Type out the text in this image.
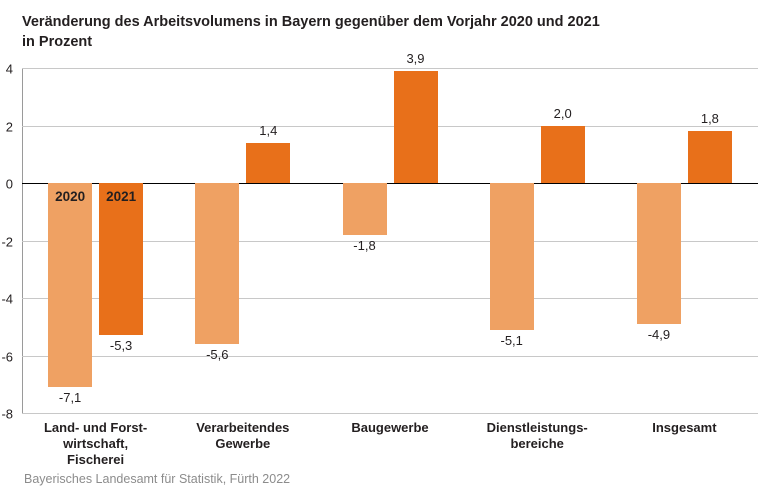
Veränderung des Arbeitsvolumens in Bayern gegenüber dem Vorjahr 2020 und 2021
in Prozent
4
2
0
-2
-4
-6
-8
-7,1
-5,3
-5,6
1,4
-1,8
3,9
-5,1
2,0
-4,9
1,8
2020	2021
Land- und Forst-
wirtschaft,
Fischerei
Verarbeitendes
Gewerbe
Baugewerbe	Dienstleistungs-
bereiche
Insgesamt
Bayerisches Landesamt für Statistik, Fürth 2022
